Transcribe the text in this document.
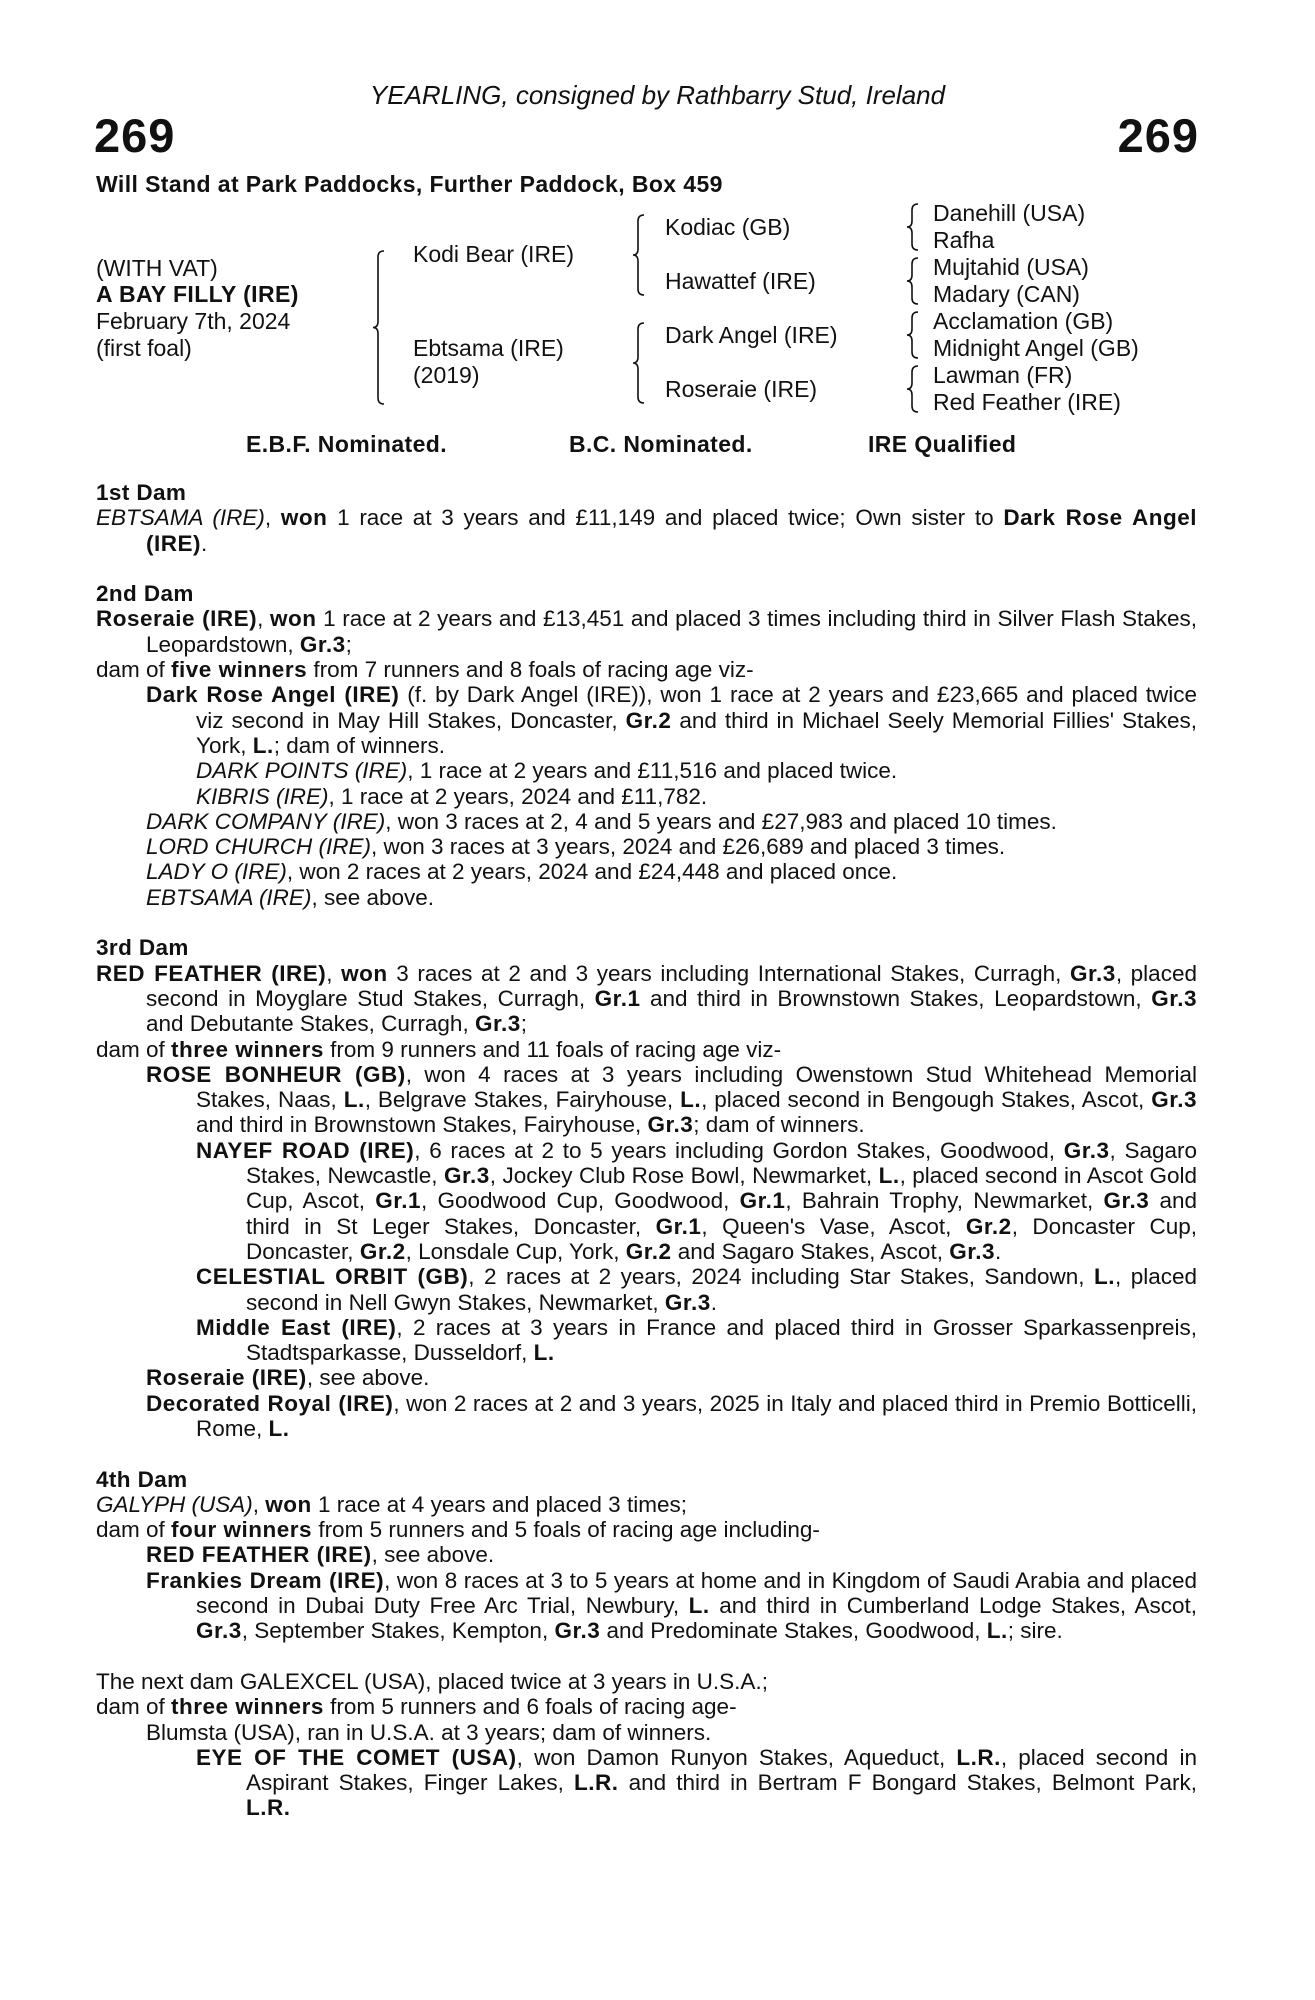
YEARLING, consigned by Rathbarry Stud, Ireland
269	269
Will Stand at Park Paddocks, Further Paddock, Box 459
(WITH VAT)
A BAY FILLY (IRE)
February 7th, 2024
(first foal)
Kodi Bear (IRE)
Ebtsama (IRE)
(2019)
Kodiac (GB)
Hawattef (IRE)
Dark Angel (IRE)
Roseraie (IRE)
Danehill (USA)
Rafha
Mujtahid (USA)
Madary (CAN)
Acclamation (GB)
Midnight Angel (GB)
Lawman (FR)
Red Feather (IRE)
E.B.F. Nominated.	B.C. Nominated.	IRE Qualified
1st Dam
EBTSAMA (IRE), won 1 race at 3 years and £11,149 and placed twice; Own sister to Dark Rose Angel (IRE).
2nd Dam
Roseraie (IRE), won 1 race at 2 years and £13,451 and placed 3 times including third in Silver Flash Stakes, Leopardstown, Gr.3;
dam of five winners from 7 runners and 8 foals of racing age viz-
Dark Rose Angel (IRE) (f. by Dark Angel (IRE)), won 1 race at 2 years and £23,665 and placed twice viz second in May Hill Stakes, Doncaster, Gr.2 and third in Michael Seely Memorial Fillies' Stakes, York, L.; dam of winners.
DARK POINTS (IRE), 1 race at 2 years and £11,516 and placed twice.
KIBRIS (IRE), 1 race at 2 years, 2024 and £11,782.
DARK COMPANY (IRE), won 3 races at 2, 4 and 5 years and £27,983 and placed 10 times.
LORD CHURCH (IRE), won 3 races at 3 years, 2024 and £26,689 and placed 3 times.
LADY O (IRE), won 2 races at 2 years, 2024 and £24,448 and placed once.
EBTSAMA (IRE), see above.
3rd Dam
RED FEATHER (IRE), won 3 races at 2 and 3 years including International Stakes, Curragh, Gr.3, placed second in Moyglare Stud Stakes, Curragh, Gr.1 and third in Brownstown Stakes, Leopardstown, Gr.3 and Debutante Stakes, Curragh, Gr.3;
dam of three winners from 9 runners and 11 foals of racing age viz-
ROSE BONHEUR (GB), won 4 races at 3 years including Owenstown Stud Whitehead Memorial Stakes, Naas, L., Belgrave Stakes, Fairyhouse, L., placed second in Bengough Stakes, Ascot, Gr.3 and third in Brownstown Stakes, Fairyhouse, Gr.3; dam of winners.
NAYEF ROAD (IRE), 6 races at 2 to 5 years including Gordon Stakes, Goodwood, Gr.3, Sagaro Stakes, Newcastle, Gr.3, Jockey Club Rose Bowl, Newmarket, L., placed second in Ascot Gold Cup, Ascot, Gr.1, Goodwood Cup, Goodwood, Gr.1, Bahrain Trophy, Newmarket, Gr.3 and third in St Leger Stakes, Doncaster, Gr.1, Queen's Vase, Ascot, Gr.2, Doncaster Cup, Doncaster, Gr.2, Lonsdale Cup, York, Gr.2 and Sagaro Stakes, Ascot, Gr.3.
CELESTIAL ORBIT (GB), 2 races at 2 years, 2024 including Star Stakes, Sandown, L., placed second in Nell Gwyn Stakes, Newmarket, Gr.3.
Middle East (IRE), 2 races at 3 years in France and placed third in Grosser Sparkassenpreis, Stadtsparkasse, Dusseldorf, L.
Roseraie (IRE), see above.
Decorated Royal (IRE), won 2 races at 2 and 3 years, 2025 in Italy and placed third in Premio Botticelli, Rome, L.
4th Dam
GALYPH (USA), won 1 race at 4 years and placed 3 times;
dam of four winners from 5 runners and 5 foals of racing age including-
RED FEATHER (IRE), see above.
Frankies Dream (IRE), won 8 races at 3 to 5 years at home and in Kingdom of Saudi Arabia and placed second in Dubai Duty Free Arc Trial, Newbury, L. and third in Cumberland Lodge Stakes, Ascot, Gr.3, September Stakes, Kempton, Gr.3 and Predominate Stakes, Goodwood, L.; sire.
The next dam GALEXCEL (USA), placed twice at 3 years in U.S.A.;
dam of three winners from 5 runners and 6 foals of racing age-
Blumsta (USA), ran in U.S.A. at 3 years; dam of winners.
EYE OF THE COMET (USA), won Damon Runyon Stakes, Aqueduct, L.R., placed second in Aspirant Stakes, Finger Lakes, L.R. and third in Bertram F Bongard Stakes, Belmont Park, L.R.
